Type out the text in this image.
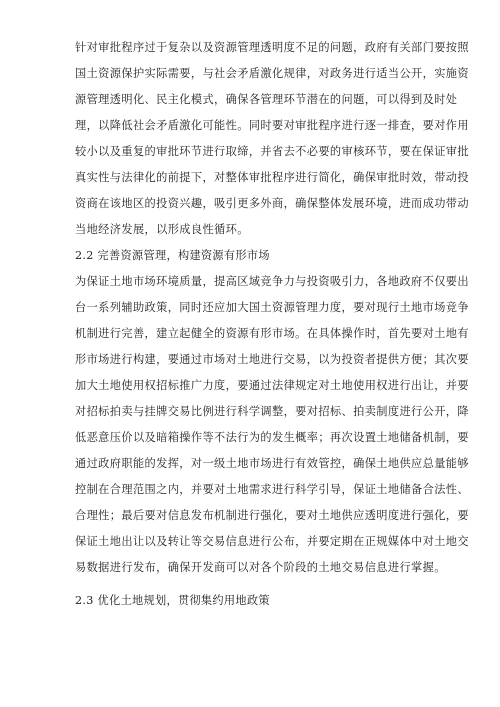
针对审批程序过于复杂以及资源管理透明度不足的问题，政府有关部门要按照
国土资源保护实际需要，与社会矛盾激化规律，对政务进行适当公开，实施资
源管理透明化、民主化模式，确保各管理环节潜在的问题，可以得到及时处
理，以降低社会矛盾激化可能性。同时要对审批程序进行逐一排查，要对作用
较小以及重复的审批环节进行取缔，并省去不必要的审核环节，要在保证审批
真实性与法律化的前提下，对整体审批程序进行简化，确保审批时效，带动投
资商在该地区的投资兴趣，吸引更多外商，确保整体发展环境，进而成功带动
当地经济发展，以形成良性循环。
2.2 完善资源管理，构建资源有形市场
为保证土地市场环境质量，提高区域竞争力与投资吸引力，各地政府不仅要出
台一系列辅助政策，同时还应加大国土资源管理力度，要对现行土地市场竞争
机制进行完善，建立起健全的资源有形市场。在具体操作时，首先要对土地有
形市场进行构建，要通过市场对土地进行交易，以为投资者提供方便；其次要
加大土地使用权招标推广力度，要通过法律规定对土地使用权进行出让，并要
对招标拍卖与挂牌交易比例进行科学调整，要对招标、拍卖制度进行公开，降
低恶意压价以及暗箱操作等不法行为的发生概率；再次设置土地储备机制，要
通过政府职能的发挥，对一级土地市场进行有效管控，确保土地供应总量能够
控制在合理范围之内，并要对土地需求进行科学引导，保证土地储备合法性、
合理性；最后要对信息发布机制进行强化，要对土地供应透明度进行强化，要
保证土地出让以及转让等交易信息进行公布，并要定期在正规媒体中对土地交
易数据进行发布，确保开发商可以对各个阶段的土地交易信息进行掌握。
2.3 优化土地规划，贯彻集约用地政策
